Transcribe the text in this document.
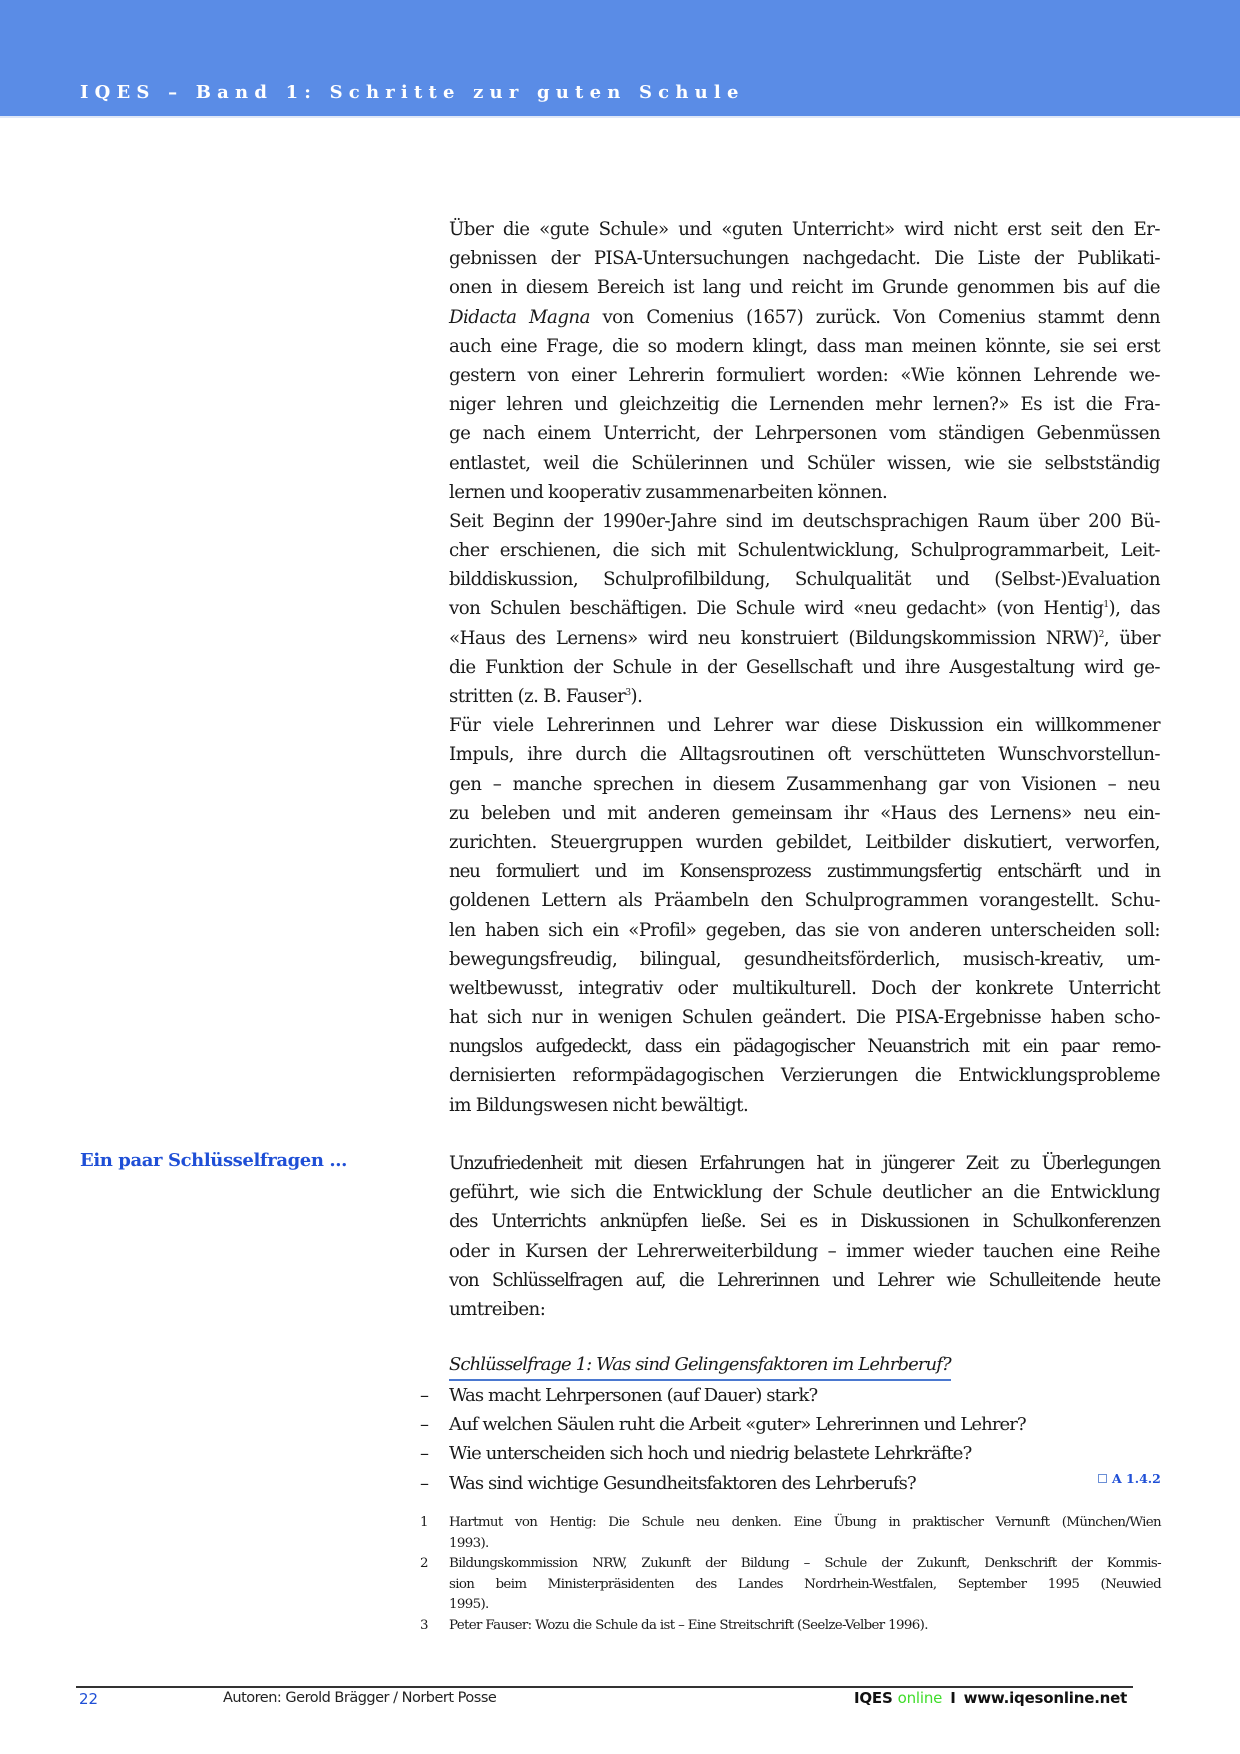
IQES – Band 1: Schritte zur guten Schule
Über die «gute Schule» und «guten Unterricht» wird nicht erst seit den Er-
gebnissen der PISA-Untersuchungen nachgedacht. Die Liste der Publikati-
onen in diesem Bereich ist lang und reicht im Grunde genommen bis auf die
Didacta Magna von Comenius (1657) zurück. Von Comenius stammt denn
auch eine Frage, die so modern klingt, dass man meinen könnte, sie sei erst
gestern von einer Lehrerin formuliert worden: «Wie können Lehrende we-
niger lehren und gleichzeitig die Lernenden mehr lernen?» Es ist die Fra-
ge nach einem Unterricht, der Lehrpersonen vom ständigen Gebenmüssen
entlastet, weil die Schülerinnen und Schüler wissen, wie sie selbstständig
lernen und kooperativ zusammenarbeiten können.
Seit Beginn der 1990er-Jahre sind im deutschsprachigen Raum über 200 Bü-
cher erschienen, die sich mit Schulentwicklung, Schulprogrammarbeit, Leit-
bilddiskussion, Schulprofilbildung, Schulqualität und (Selbst-)Evaluation
von Schulen beschäftigen. Die Schule wird «neu gedacht» (von Hentig$^1$), das
«Haus des Lernens» wird neu konstruiert (Bildungskommission NRW)$^2$, über
die Funktion der Schule in der Gesellschaft und ihre Ausgestaltung wird ge-
stritten (z. B. Fauser$^3$).
Für viele Lehrerinnen und Lehrer war diese Diskussion ein willkommener
Impuls, ihre durch die Alltagsroutinen oft verschütteten Wunschvorstellun-
gen – manche sprechen in diesem Zusammenhang gar von Visionen – neu
zu beleben und mit anderen gemeinsam ihr «Haus des Lernens» neu ein-
zurichten. Steuergruppen wurden gebildet, Leitbilder diskutiert, verworfen,
neu formuliert und im Konsensprozess zustimmungsfertig entschärft und in
goldenen Lettern als Präambeln den Schulprogrammen vorangestellt. Schu-
len haben sich ein «Profil» gegeben, das sie von anderen unterscheiden soll:
bewegungsfreudig, bilingual, gesundheitsförderlich, musisch-kreativ, um-
weltbewusst, integrativ oder multikulturell. Doch der konkrete Unterricht
hat sich nur in wenigen Schulen geändert. Die PISA-Ergebnisse haben scho-
nungslos aufgedeckt, dass ein pädagogischer Neuanstrich mit ein paar remo-
dernisierten reformpädagogischen Verzierungen die Entwicklungsprobleme
im Bildungswesen nicht bewältigt.
Ein paar Schlüsselfragen …	Unzufriedenheit mit diesen Erfahrungen hat in jüngerer Zeit zu Überlegungen
geführt, wie sich die Entwicklung der Schule deutlicher an die Entwicklung
des Unterrichts anknüpfen ließe. Sei es in Diskussionen in Schulkonferenzen
oder in Kursen der Lehrerweiterbildung – immer wieder tauchen eine Reihe
von Schlüsselfragen auf, die Lehrerinnen und Lehrer wie Schulleitende heute
umtreiben:
Schlüsselfrage 1: Was sind Gelingensfaktoren im Lehrberuf?
– Was macht Lehrpersonen (auf Dauer) stark?
– Auf welchen Säulen ruht die Arbeit «guter» Lehrerinnen und Lehrer?
– Wie unterscheiden sich hoch und niedrig belastete Lehrkräfte?
– Was sind wichtige Gesundheitsfaktoren des Lehrberufs?	A 1.4.2
1 Hartmut von Hentig: Die Schule neu denken. Eine Übung in praktischer Vernunft (München/Wien
1993).
2 Bildungskommission NRW, Zukunft der Bildung – Schule der Zukunft, Denkschrift der Kommis-
sion beim Ministerpräsidenten des Landes Nordrhein-Westfalen, September 1995 (Neuwied
1995).
3 Peter Fauser: Wozu die Schule da ist – Eine Streitschrift (Seelze-Velber 1996).
22	Autoren: Gerold Brägger / Norbert Posse	IQES online I www.iqesonline.net
